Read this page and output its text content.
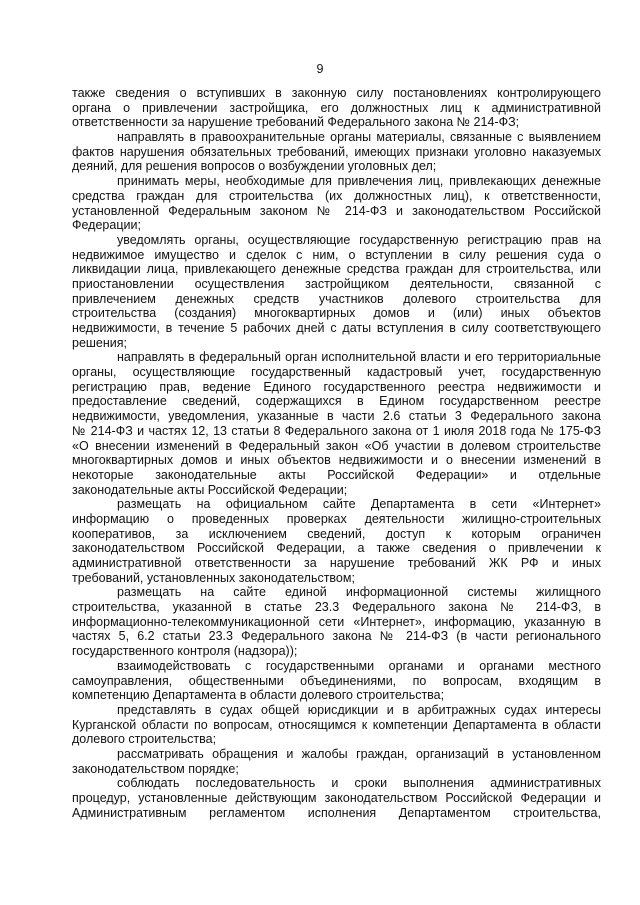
9
также сведения о вступивших в законную силу постановлениях контролирующего
органа о привлечении застройщика, его должностных лиц к административной
ответственности за нарушение требований Федерального закона № 214-ФЗ;
направлять в правоохранительные органы материалы, связанные с выявлением
фактов нарушения обязательных требований, имеющих признаки уголовно наказуемых
деяний, для решения вопросов о возбуждении уголовных дел;
принимать меры, необходимые для привлечения лиц, привлекающих денежные
средства граждан для строительства (их должностных лиц), к ответственности,
установленной Федеральным законом № 214-ФЗ и законодательством Российской
Федерации;
уведомлять органы, осуществляющие государственную регистрацию прав на
недвижимое имущество и сделок с ним, о вступлении в силу решения суда о
ликвидации лица, привлекающего денежные средства граждан для строительства, или
приостановлении осуществления застройщиком деятельности, связанной с
привлечением денежных средств участников долевого строительства для
строительства (создания) многоквартирных домов и (или) иных объектов
недвижимости, в течение 5 рабочих дней с даты вступления в силу соответствующего
решения;
направлять в федеральный орган исполнительной власти и его территориальные
органы, осуществляющие государственный кадастровый учет, государственную
регистрацию прав, ведение Единого государственного реестра недвижимости и
предоставление сведений, содержащихся в Едином государственном реестре
недвижимости, уведомления, указанные в части 2.6 статьи 3 Федерального закона
№ 214-ФЗ и частях 12, 13 статьи 8 Федерального закона от 1 июля 2018 года № 175-ФЗ
«О внесении изменений в Федеральный закон «Об участии в долевом строительстве
многоквартирных домов и иных объектов недвижимости и о внесении изменений в
некоторые законодательные акты Российской Федерации» и отдельные
законодательные акты Российской Федерации;
размещать на официальном сайте Департамента в сети «Интернет»
информацию о проведенных проверках деятельности жилищно-строительных
кооперативов, за исключением сведений, доступ к которым ограничен
законодательством Российской Федерации, а также сведения о привлечении к
административной ответственности за нарушение требований ЖК РФ и иных
требований, установленных законодательством;
размещать на сайте единой информационной системы жилищного
строительства, указанной в статье 23.3 Федерального закона № 214-ФЗ, в
информационно-телекоммуникационной сети «Интернет», информацию, указанную в
частях 5, 6.2 статьи 23.3 Федерального закона № 214-ФЗ (в части регионального
государственного контроля (надзора));
взаимодействовать с государственными органами и органами местного
самоуправления, общественными объединениями, по вопросам, входящим в
компетенцию Департамента в области долевого строительства;
представлять в судах общей юрисдикции и в арбитражных судах интересы
Курганской области по вопросам, относящимся к компетенции Департамента в области
долевого строительства;
рассматривать обращения и жалобы граждан, организаций в установленном
законодательством порядке;
соблюдать последовательность и сроки выполнения административных
процедур, установленные действующим законодательством Российской Федерации и
Административным регламентом исполнения Департаментом строительства,
